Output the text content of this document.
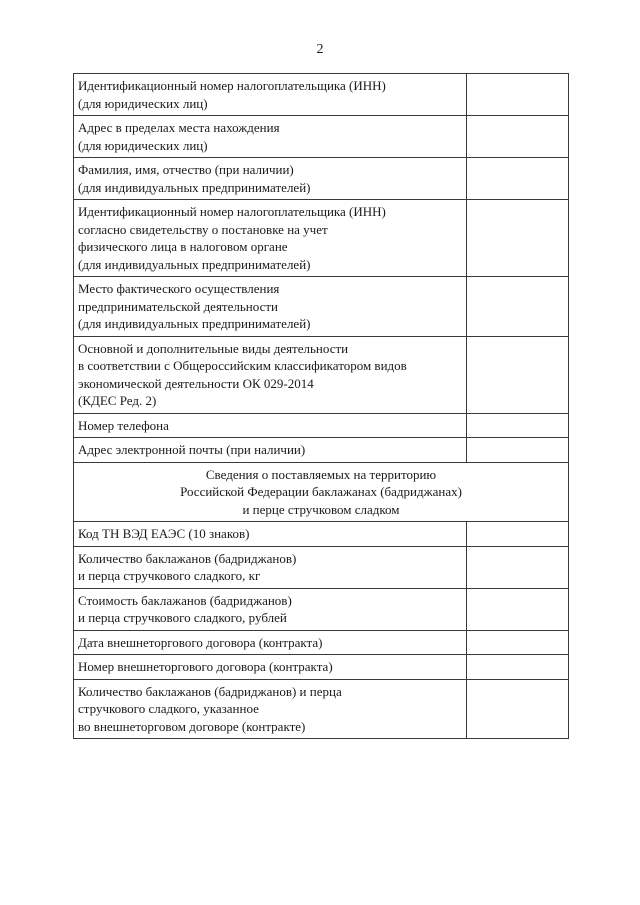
2
Идентификационный номер налогоплательщика (ИНН)
(для юридических лиц)	

Адрес в пределах места нахождения
(для юридических лиц)	

Фамилия, имя, отчество (при наличии)
(для индивидуальных предпринимателей)	

Идентификационный номер налогоплательщика (ИНН)
согласно свидетельству о постановке на учет
физического лица в налоговом органе
(для индивидуальных предпринимателей)	

Место фактического осуществления
предпринимательской деятельности
(для индивидуальных предпринимателей)	

Основной и дополнительные виды деятельности
в соответствии с Общероссийским классификатором видов
экономической деятельности ОК 029-2014
(КДЕС Ред. 2)	

Номер телефона	

Адрес электронной почты (при наличии)	

Сведения о поставляемых на территорию
Российской Федерации баклажанах (бадриджанах)
и перце стручковом сладком	

Код ТН ВЭД ЕАЭС (10 знаков)	

Количество баклажанов (бадриджанов)
и перца стручкового сладкого, кг	

Стоимость баклажанов (бадриджанов)
и перца стручкового сладкого, рублей	

Дата внешнеторгового договора (контракта)	

Номер внешнеторгового договора (контракта)	

Количество баклажанов (бадриджанов) и перца
стручкового сладкого, указанное
во внешнеторговом договоре (контракте)	
